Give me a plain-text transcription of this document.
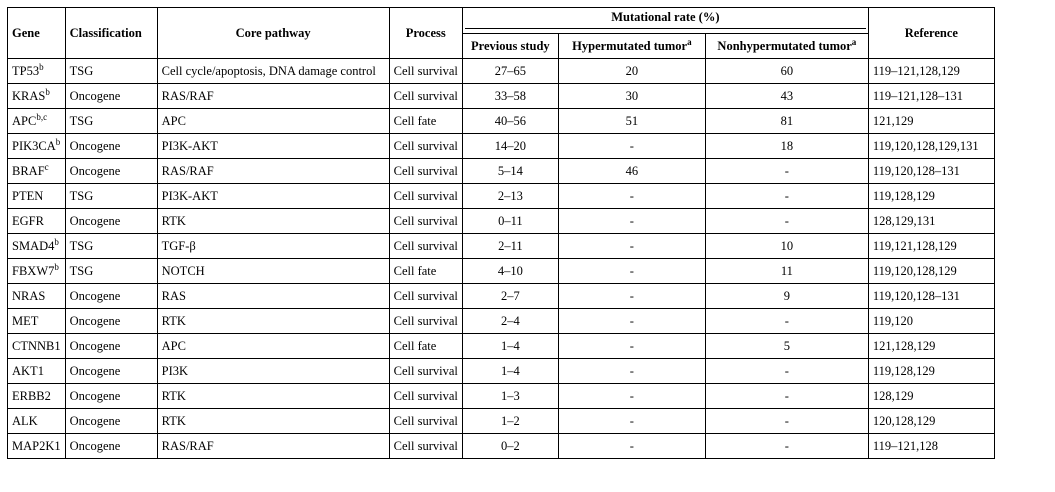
Gene	Classification	Core pathway	Process	Mutational rate (%)			Reference
				Previous study	Hypermutated tumor$^a$	Nonhypermutated tumor$^a$
TP53$^b$	TSG	Cell cycle/apoptosis, DNA damage control	Cell survival	27–65	20	60	119–121,128,129
KRAS$^b$	Oncogene	RAS/RAF	Cell survival	33–58	30	43	119–121,128–131
APC$^{b,c}$	TSG	APC	Cell fate	40–56	51	81	121,129
$PIK3CA^b$	Oncogene	PI3K-AKT	Cell survival	14–20	-	18	119,120,128,129,131
BRAF$^c$	Oncogene	RAS/RAF	Cell survival	5–14	46	-	119,120,128–131
PTEN	TSG	PI3K-AKT	Cell survival	2–13	-	-	119,128,129
EGFR	Oncogene	RTK	Cell survival	0–11	-	-	128,129,131
SMAD4$^b$	TSG	TGF-β	Cell survival	2–11	-	10	119,121,128,129
FBXW7$^b$	TSG	NOTCH	Cell fate	4–10	-	11	119,120,128,129
NRAS	Oncogene	RAS	Cell survival	2–7	-	9	119,120,128–131
MET	Oncogene	RTK	Cell survival	2–4	-	-	119,120
CTNNB1	Oncogene	APC	Cell fate	1–4	-	5	121,128,129
AKT1	Oncogene	PI3K	Cell survival	1–4	-	-	119,128,129
ERBB2	Oncogene	RTK	Cell survival	1–3	-	-	128,129
ALK	Oncogene	RTK	Cell survival	1–2	-	-	120,128,129
MAP2K1	Oncogene	RAS/RAF	Cell survival	0–2	-	-	119–121,128
